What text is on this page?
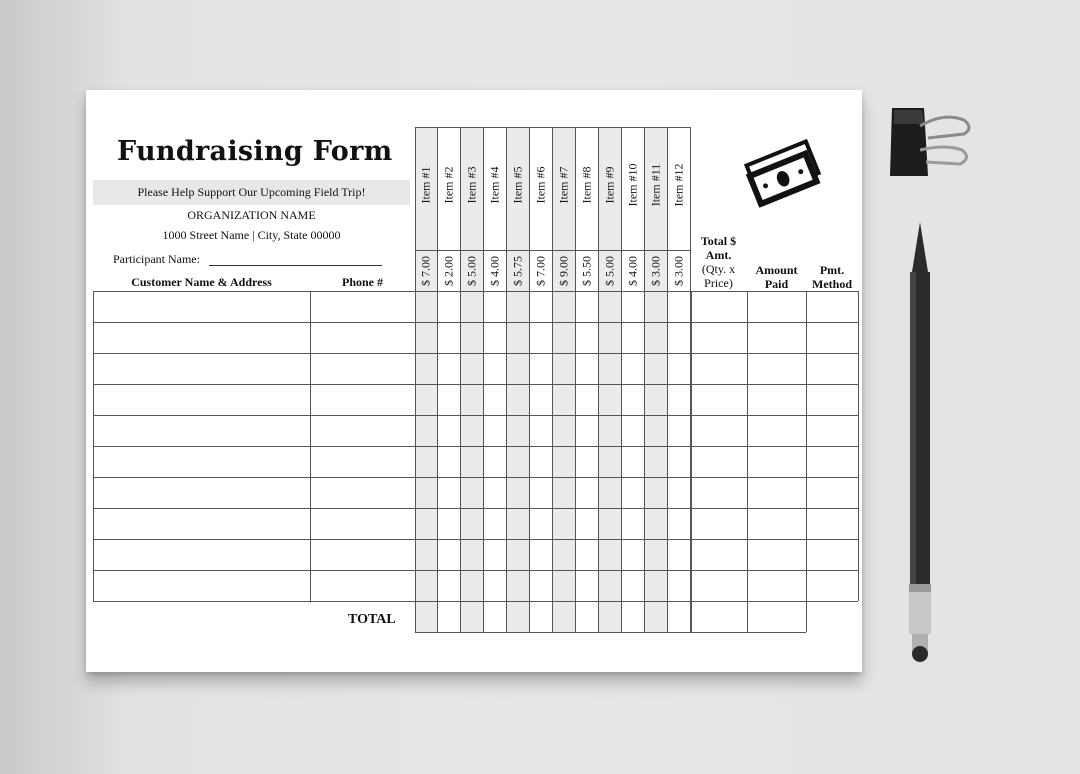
Item #1
$ 7.00
Item #2
$ 2.00
Item #3
$ 5.00
Item #4
$ 4.00
Item #5
$ 5.75
Item #6
$ 7.00
Item #7
$ 9.00
Item #8
$ 5.50
Item #9
$ 5.00
Item #10
$ 4.00
Item #11
$ 3.00
Item #12
$ 3.00
Fundraising Form
Please Help Support Our Upcoming Field Trip!
ORGANIZATION NAME
1000 Street Name | City, State 00000
Participant Name:
Customer Name & Address	Phone #
Total $
Amt.
(Qty. x
Price)
Amount
Paid
Pmt.
Method
TOTAL
